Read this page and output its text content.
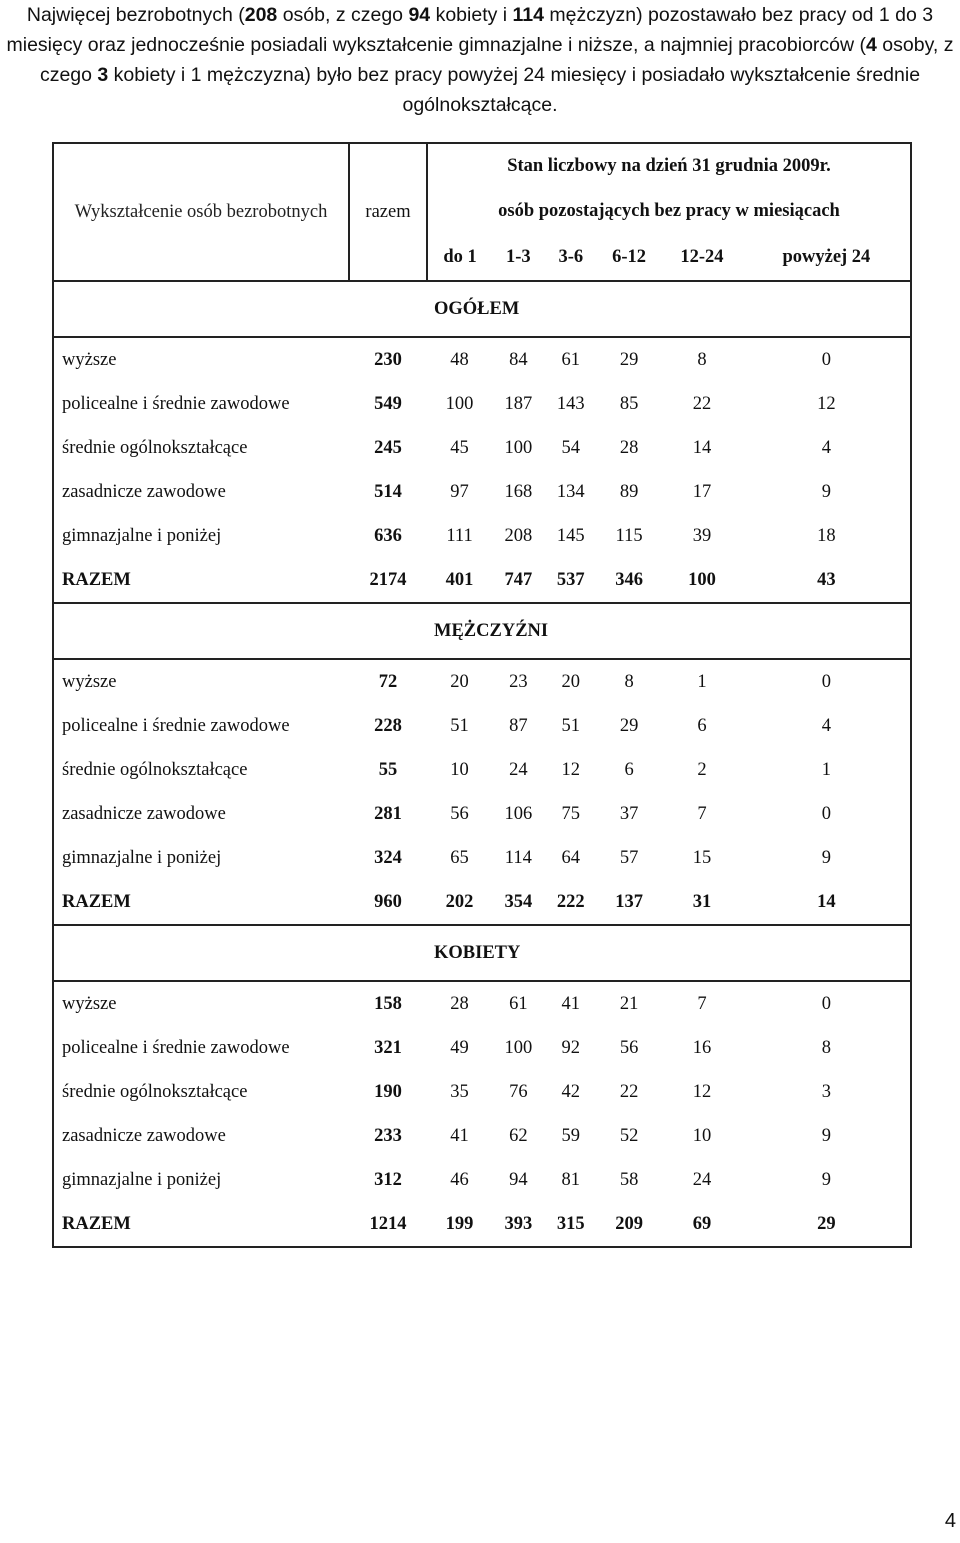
Najwięcej bezrobotnych (208 osób, z czego 94 kobiety i 114 mężczyzn) pozostawało bez pracy od 1 do 3 miesięcy oraz jednocześnie posiadali wykształcenie gimnazjalne i niższe, a najmniej pracobiorców (4 osoby, z czego 3 kobiety i 1 mężczyzna) było bez pracy powyżej 24 miesięcy i posiadało wykształcenie średnie ogólnokształcące.

Wykształcenie osób bezrobotnych	razem	Stan liczbowy na dzień 31 grudnia 2009r.					
		osób pozostających bez pracy w miesiącach					
		do 1	1-3	3-6	6-12	12-24	powyżej 24
OGÓŁEM							
wyższe	230	48	84	61	29	8	0
policealne i średnie zawodowe	549	100	187	143	85	22	12
średnie ogólnokształcące	245	45	100	54	28	14	4
zasadnicze zawodowe	514	97	168	134	89	17	9
gimnazjalne i poniżej	636	111	208	145	115	39	18
RAZEM	2174	401	747	537	346	100	43
MĘŻCZYŹNI							
wyższe	72	20	23	20	8	1	0
policealne i średnie zawodowe	228	51	87	51	29	6	4
średnie ogólnokształcące	55	10	24	12	6	2	1
zasadnicze zawodowe	281	56	106	75	37	7	0
gimnazjalne i poniżej	324	65	114	64	57	15	9
RAZEM	960	202	354	222	137	31	14
KOBIETY							
wyższe	158	28	61	41	21	7	0
policealne i średnie zawodowe	321	49	100	92	56	16	8
średnie ogólnokształcące	190	35	76	42	22	12	3
zasadnicze zawodowe	233	41	62	59	52	10	9
gimnazjalne i poniżej	312	46	94	81	58	24	9
RAZEM	1214	199	393	315	209	69	29
4
